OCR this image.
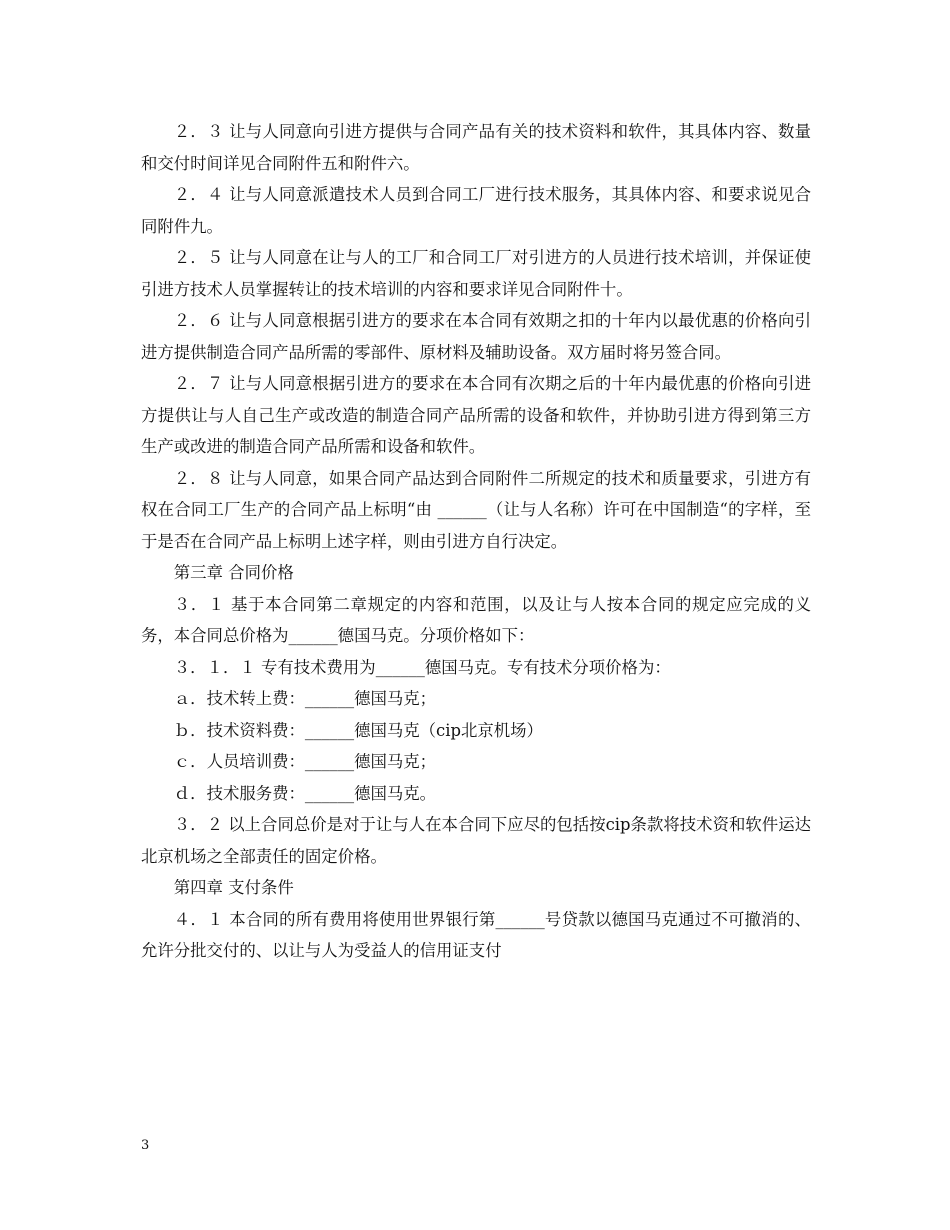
２．３ 让与人同意向引进方提供与合同产品有关的技术资料和软件，其具体内容、数量和交付时间详见合同附件五和附件六。

２．４ 让与人同意派遣技术人员到合同工厂进行技术服务，其具体内容、和要求说见合同附件九。

２．５ 让与人同意在让与人的工厂和合同工厂对引进方的人员进行技术培训，并保证使引进方技术人员掌握转让的技术培训的内容和要求详见合同附件十。

２．６ 让与人同意根据引进方的要求在本合同有效期之扣的十年内以最优惠的价格向引进方提供制造合同产品所需的零部件、原材料及辅助设备。双方届时将另签合同。

２．７ 让与人同意根据引进方的要求在本合同有次期之后的十年内最优惠的价格向引进方提供让与人自己生产或改造的制造合同产品所需的设备和软件，并协助引进方得到第三方生产或改进的制造合同产品所需和设备和软件。

２．８ 让与人同意，如果合同产品达到合同附件二所规定的技术和质量要求，引进方有权在合同工厂生产的合同产品上标明“由 ______（让与人名称）许可在中国制造“的字样，至于是否在合同产品上标明上述字样，则由引进方自行决定。

第三章 合同价格

３．１ 基于本合同第二章规定的内容和范围，以及让与人按本合同的规定应完成的义务，本合同总价格为______德国马克。分项价格如下：

３．１．１ 专有技术费用为______德国马克。专有技术分项价格为：

ａ．技术转上费：______德国马克；

ｂ．技术资料费：______德国马克（cip北京机场）

ｃ．人员培训费：______德国马克；

ｄ．技术服务费：______德国马克。

３．２ 以上合同总价是对于让与人在本合同下应尽的包括按cip条款将技术资和软件运达北京机场之全部责任的固定价格。

第四章 支付条件

４．１ 本合同的所有费用将使用世界银行第______号贷款以德国马克通过不可撤消的、允许分批交付的、以让与人为受益人的信用证支付

3
